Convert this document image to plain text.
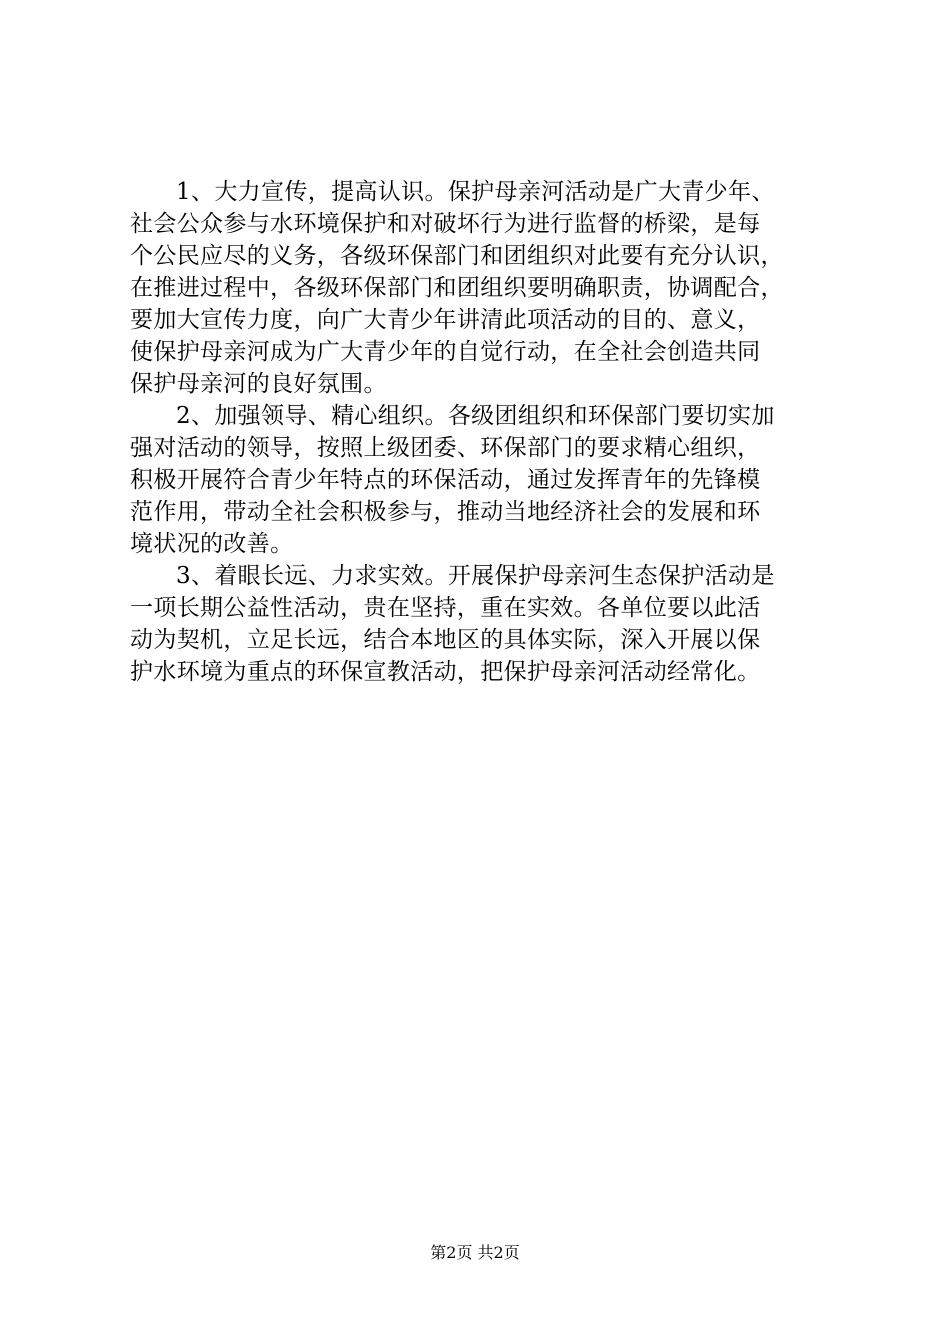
1、大力宣传，提高认识。保护母亲河活动是广大青少年、
社会公众参与水环境保护和对破坏行为进行监督的桥梁，是每
个公民应尽的义务，各级环保部门和团组织对此要有充分认识，
在推进过程中，各级环保部门和团组织要明确职责，协调配合，
要加大宣传力度，向广大青少年讲清此项活动的目的、意义，
使保护母亲河成为广大青少年的自觉行动，在全社会创造共同
保护母亲河的良好氛围。
2、加强领导、精心组织。各级团组织和环保部门要切实加
强对活动的领导，按照上级团委、环保部门的要求精心组织，
积极开展符合青少年特点的环保活动，通过发挥青年的先锋模
范作用，带动全社会积极参与，推动当地经济社会的发展和环
境状况的改善。
3、着眼长远、力求实效。开展保护母亲河生态保护活动是
一项长期公益性活动，贵在坚持，重在实效。各单位要以此活
动为契机，立足长远，结合本地区的具体实际，深入开展以保
护水环境为重点的环保宣教活动，把保护母亲河活动经常化。
第2页 共2页
